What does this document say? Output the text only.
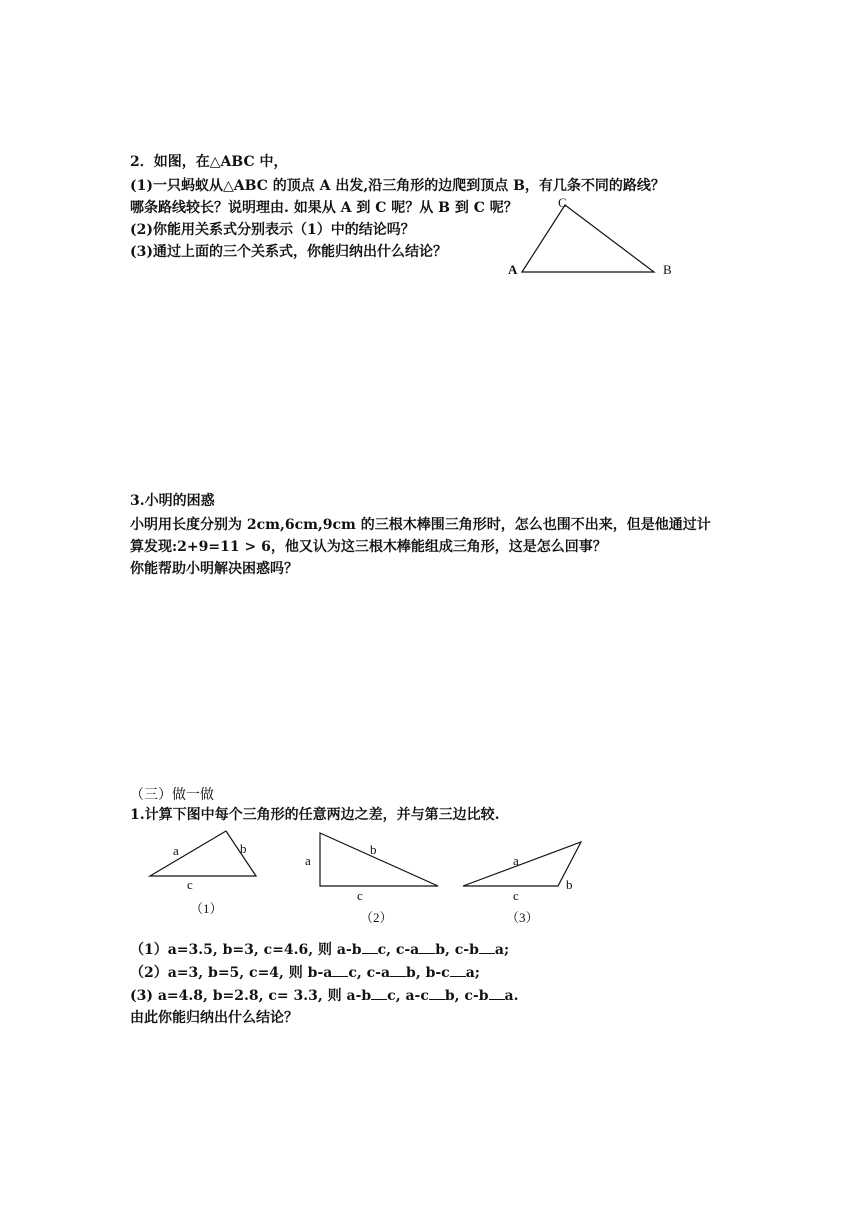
2．如图，在△ABC 中，
(1)一只蚂蚁从△ABC 的顶点 A 出发,沿三角形的边爬到顶点 B，有几条不同的路线？
哪条路线较长？说明理由. 如果从 A 到 C 呢？从 B 到 C 呢？
(2)你能用关系式分别表示（1）中的结论吗？
(3)通过上面的三个关系式，你能归纳出什么结论？
C
A	B
3.小明的困惑
小明用长度分别为 2cm,6cm,9cm 的三根木棒围三角形时，怎么也围不出来，但是他通过计
算发现:2+9=11 > 6，他又认为这三根木棒能组成三角形，这是怎么回事？
你能帮助小明解决困惑吗？
（三）做一做
1.计算下图中每个三角形的任意两边之差，并与第三边比较.
a	b
c
（1）
a
b
c
（2）
a
b
c
（3）
（1）a=3.5, b=3, c=4.6, 则 a-b c, c-a b, c-b a;
（2）a=3, b=5, c=4, 则 b-a c, c-a b, b-c a;
(3) a=4.8, b=2.8, c= 3.3, 则 a-b c, a-c b, c-b a.
由此你能归纳出什么结论？
